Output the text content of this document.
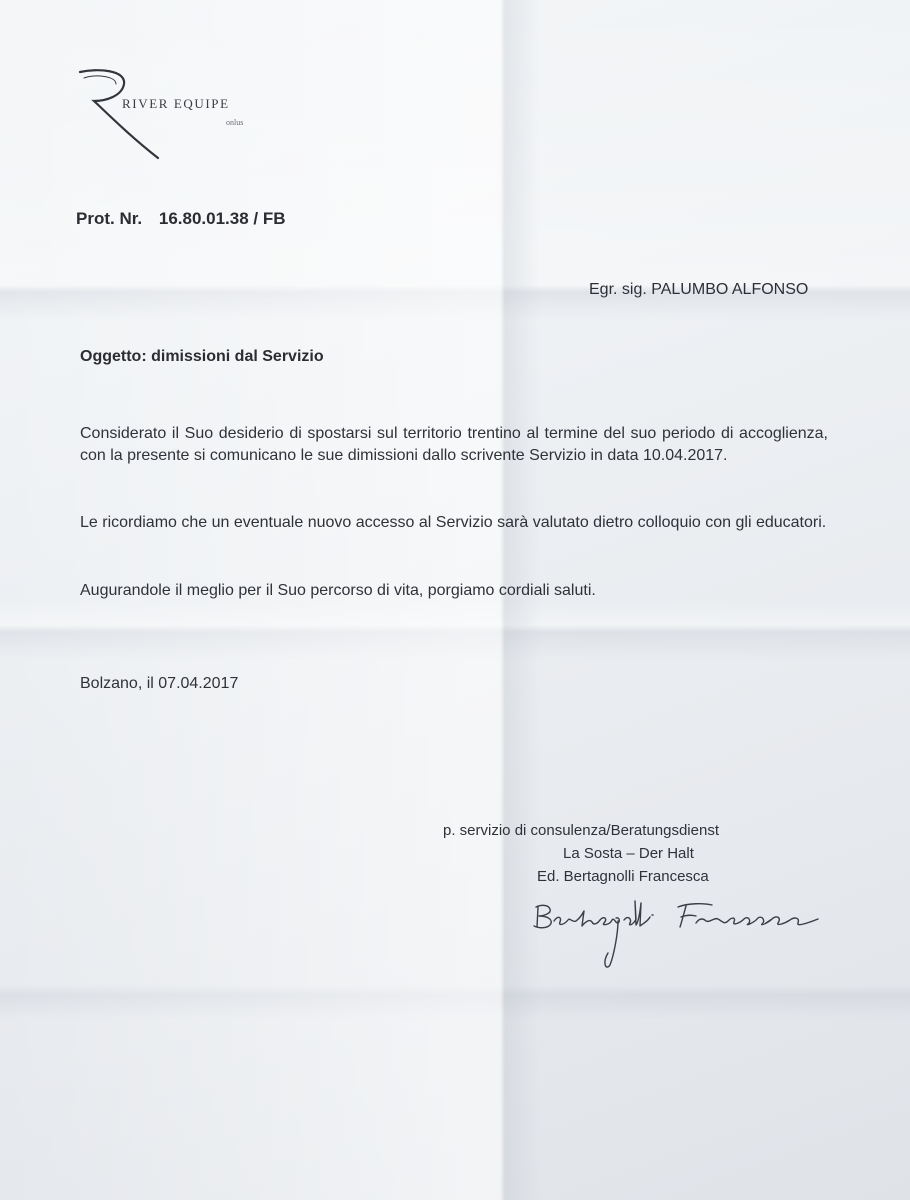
RIVER EQUIPE
onlus
Prot. Nr. 16.80.01.38 / FB
Egr. sig. PALUMBO ALFONSO
Oggetto: dimissioni dal Servizio
Considerato il Suo desiderio di spostarsi sul territorio trentino al termine del suo periodo di accoglienza, con la presente si comunicano le sue dimissioni dallo scrivente Servizio in data 10.04.2017.
Le ricordiamo che un eventuale nuovo accesso al Servizio sarà valutato dietro colloquio con gli educatori.
Augurandole il meglio per il Suo percorso di vita, porgiamo cordiali saluti.
Bolzano, il 07.04.2017
p. servizio di consulenza/Beratungsdienst
La Sosta – Der Halt
Ed. Bertagnolli Francesca
